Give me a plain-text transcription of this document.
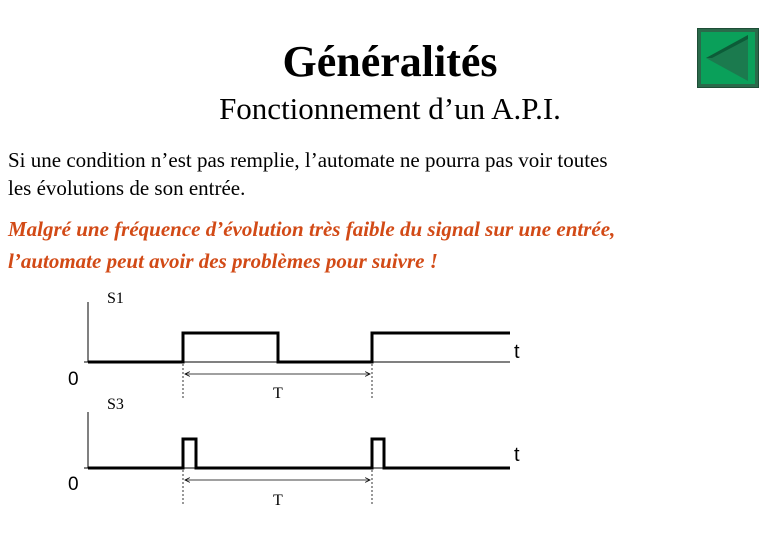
Généralités
Fonctionnement d’un A.P.I.
Si une condition n’est pas remplie, l’automate ne pourra pas voir toutes
les évolutions de son entrée.
Malgré une fréquence d’évolution très faible du signal sur une entrée,
l’automate peut avoir des problèmes pour suivre !
S1
0
t
T
S3
0
t
T
